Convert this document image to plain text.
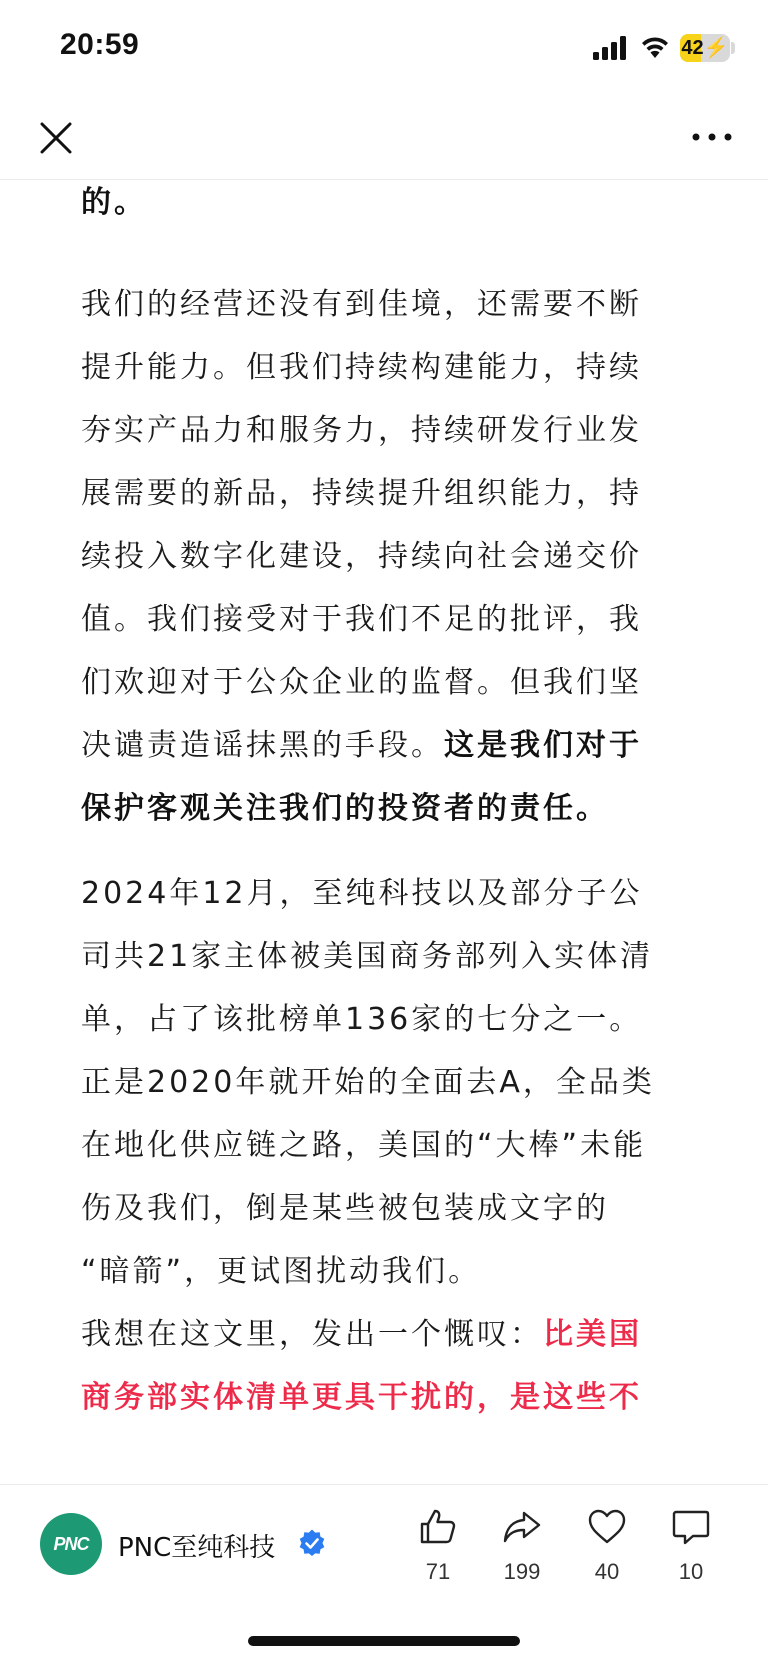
20:59	42⚡
的。
我们的经营还没有到佳境，还需要不断
提升能力。但我们持续构建能力，持续
夯实产品力和服务力，持续研发行业发
展需要的新品，持续提升组织能力，持
续投入数字化建设，持续向社会递交价
值。我们接受对于我们不足的批评，我
们欢迎对于公众企业的监督。但我们坚
决谴责造谣抹黑的手段。这是我们对于
保护客观关注我们的投资者的责任。
2024年12月，至纯科技以及部分子公
司共21家主体被美国商务部列入实体清
单，占了该批榜单136家的七分之一。
正是2020年就开始的全面去A，全品类
在地化供应链之路，美国的“大棒”未能
伤及我们，倒是某些被包装成文字的
“暗箭”，更试图扰动我们。
我想在这文里，发出一个慨叹：比美国
商务部实体清单更具干扰的，是这些不
PNC	PNC至纯科技
71	199	40	10
